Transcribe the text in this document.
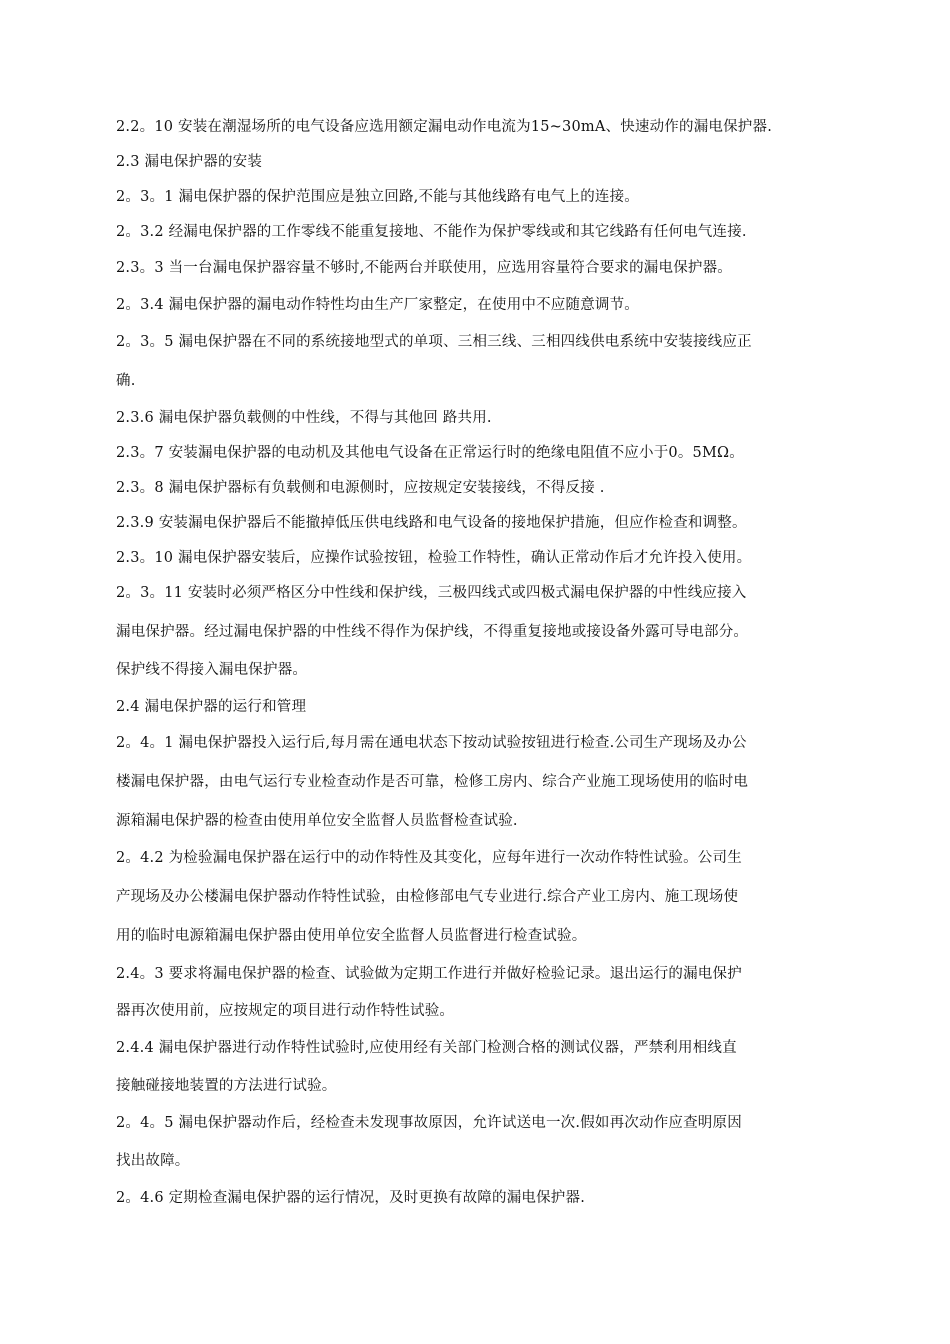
2.2。10 安装在潮湿场所的电气设备应选用额定漏电动作电流为15~30mA、快速动作的漏电保护器.
2.3 漏电保护器的安装
2。3。1 漏电保护器的保护范围应是独立回路,不能与其他线路有电气上的连接。
2。3.2 经漏电保护器的工作零线不能重复接地、不能作为保护零线或和其它线路有任何电气连接.
2.3。3 当一台漏电保护器容量不够时,不能两台并联使用，应选用容量符合要求的漏电保护器。
2。3.4 漏电保护器的漏电动作特性均由生产厂家整定，在使用中不应随意调节。
2。3。5 漏电保护器在不同的系统接地型式的单项、三相三线、三相四线供电系统中安装接线应正
确.
2.3.6 漏电保护器负载侧的中性线，不得与其他回 路共用.
2.3。7 安装漏电保护器的电动机及其他电气设备在正常运行时的绝缘电阻值不应小于0。5MΩ。
2.3。8 漏电保护器标有负载侧和电源侧时，应按规定安装接线，不得反接 .
2.3.9 安装漏电保护器后不能撤掉低压供电线路和电气设备的接地保护措施，但应作检查和调整。
2.3。10 漏电保护器安装后，应操作试验按钮，检验工作特性，确认正常动作后才允许投入使用。
2。3。11 安装时必须严格区分中性线和保护线，三极四线式或四极式漏电保护器的中性线应接入
漏电保护器。经过漏电保护器的中性线不得作为保护线，不得重复接地或接设备外露可导电部分。
保护线不得接入漏电保护器。
2.4 漏电保护器的运行和管理
2。4。1 漏电保护器投入运行后,每月需在通电状态下按动试验按钮进行检查.公司生产现场及办公
楼漏电保护器，由电气运行专业检查动作是否可靠，检修工房内、综合产业施工现场使用的临时电
源箱漏电保护器的检查由使用单位安全监督人员监督检查试验.
2。4.2 为检验漏电保护器在运行中的动作特性及其变化，应每年进行一次动作特性试验。公司生
产现场及办公楼漏电保护器动作特性试验，由检修部电气专业进行.综合产业工房内、施工现场使
用的临时电源箱漏电保护器由使用单位安全监督人员监督进行检查试验。
2.4。3 要求将漏电保护器的检查、试验做为定期工作进行并做好检验记录。退出运行的漏电保护
器再次使用前，应按规定的项目进行动作特性试验。
2.4.4 漏电保护器进行动作特性试验时,应使用经有关部门检测合格的测试仪器，严禁利用相线直
接触碰接地装置的方法进行试验。
2。4。5 漏电保护器动作后，经检查未发现事故原因，允许试送电一次.假如再次动作应查明原因
找出故障。
2。4.6 定期检查漏电保护器的运行情况，及时更换有故障的漏电保护器.
